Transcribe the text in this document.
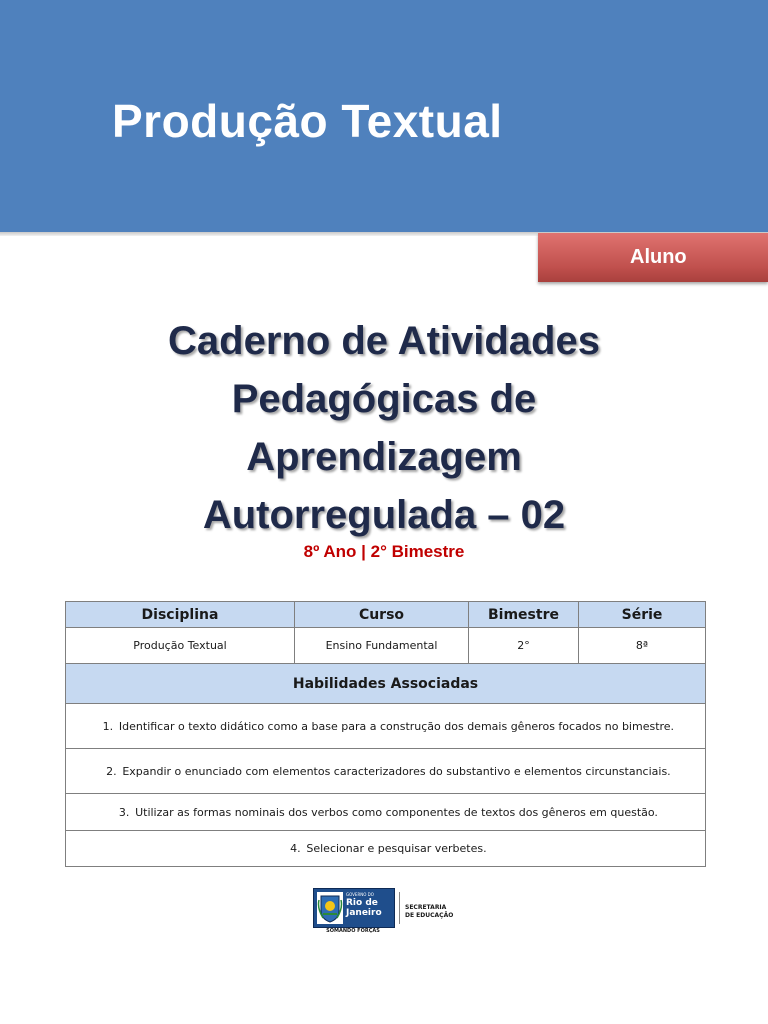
Produção Textual
Aluno
Caderno de Atividades
Pedagógicas de
Aprendizagem
Autorregulada – 02
8º Ano | 2° Bimestre
Disciplina	Curso	Bimestre	Série
Produção Textual	Ensino Fundamental	2°	8ª
Habilidades Associadas			
1. Identificar o texto didático como a base para a construção dos demais gêneros focados no bimestre.			
2. Expandir o enunciado com elementos caracterizadores do substantivo e elementos circunstanciais.			
3. Utilizar as formas nominais dos verbos como componentes de textos dos gêneros em questão.			
4. Selecionar e pesquisar verbetes.			
GOVERNO DO
Rio de
Janeiro
SOMANDO FORÇAS
SECRETARIA
DE EDUCAÇÃO
